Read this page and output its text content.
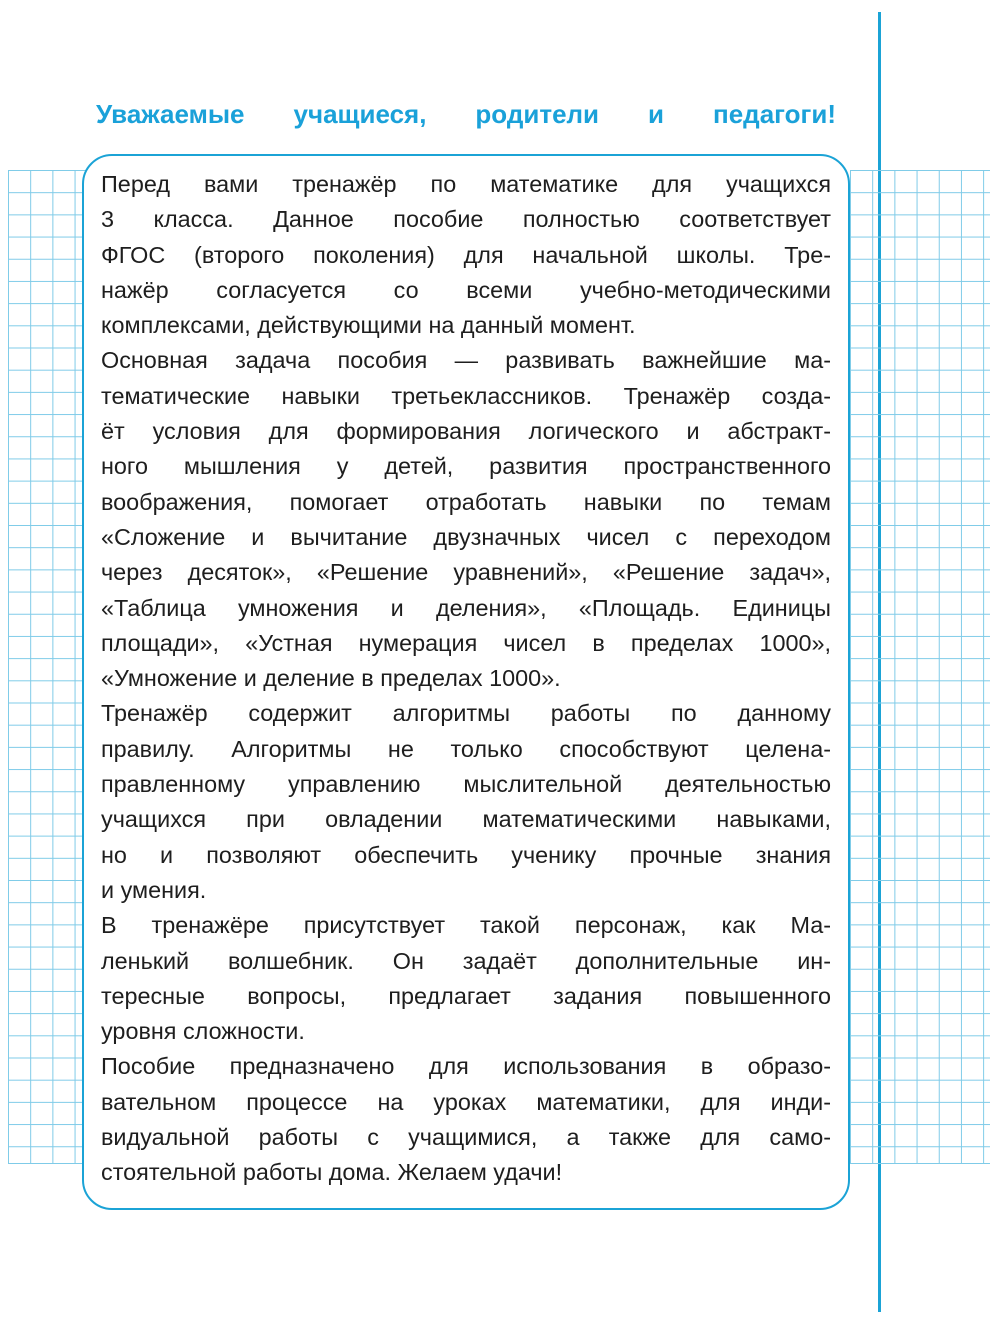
Уважаемые учащиеся, родители и педагоги!
Перед вами тренажёр по математике для учащихся
3 класса. Данное пособие полностью соответствует
ФГОС (второго поколения) для начальной школы. Тре-
нажёр согласуется со всеми учебно-методическими
комплексами, действующими на данный момент.
Основная задача пособия — развивать важнейшие ма-
тематические навыки третьеклассников. Тренажёр созда-
ёт условия для формирования логического и абстракт-
ного мышления у детей, развития пространственного
воображения, помогает отработать навыки по темам
«Сложение и вычитание двузначных чисел с переходом
через десяток», «Решение уравнений», «Решение задач»,
«Таблица умножения и деления», «Площадь. Единицы
площади», «Устная нумерация чисел в пределах 1000»,
«Умножение и деление в пределах 1000».
Тренажёр содержит алгоритмы работы по данному
правилу. Алгоритмы не только способствуют целена-
правленному управлению мыслительной деятельностью
учащихся при овладении математическими навыками,
но и позволяют обеспечить ученику прочные знания
и умения.
В тренажёре присутствует такой персонаж, как Ма-
ленький волшебник. Он задаёт дополнительные ин-
тересные вопросы, предлагает задания повышенного
уровня сложности.
Пособие предназначено для использования в образо-
вательном процессе на уроках математики, для инди-
видуальной работы с учащимися, а также для само-
стоятельной работы дома. Желаем удачи!
